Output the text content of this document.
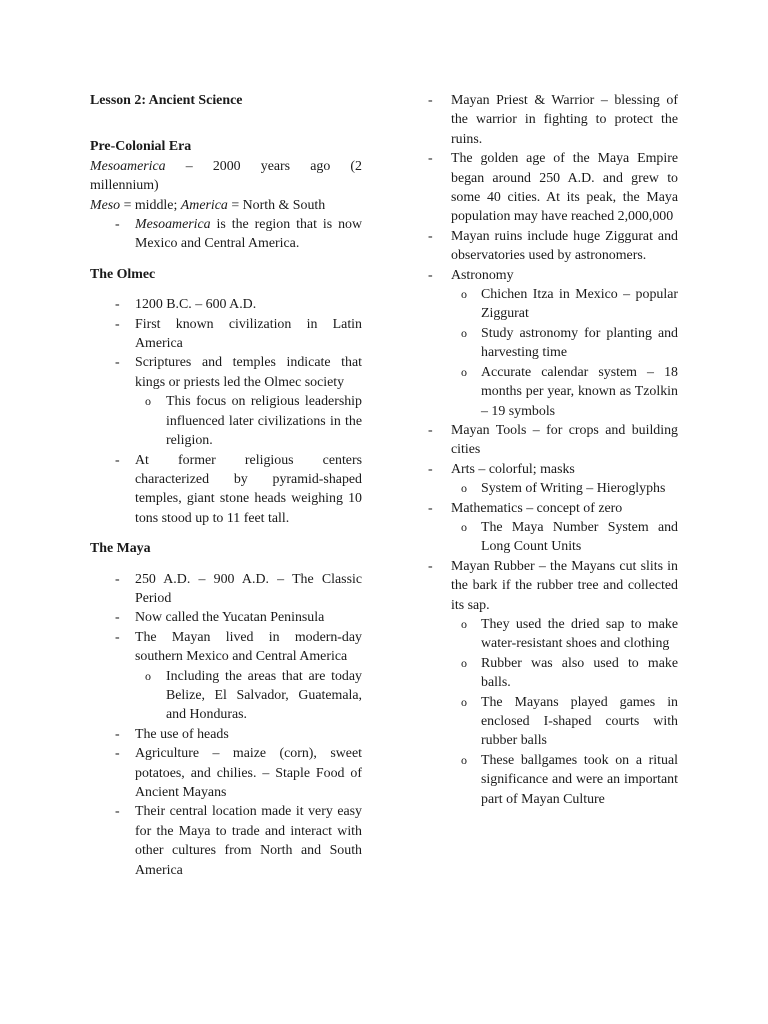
Lesson 2: Ancient Science
Pre-Colonial Era
Mesoamerica – 2000 years ago (2
millennium)
Meso = middle; America = North & South
- Mesoamerica is the region that is now Mexico and Central America.
The Olmec
- 1200 B.C. – 600 A.D.
- First known civilization in Latin America
- Scriptures and temples indicate that kings or priests led the Olmec society
o This focus on religious leadership influenced later civilizations in the religion.
- At former religious centers characterized by pyramid-shaped temples, giant stone heads weighing 10 tons stood up to 11 feet tall.
The Maya
- 250 A.D. – 900 A.D. – The Classic Period
- Now called the Yucatan Peninsula
- The Mayan lived in modern-day southern Mexico and Central America
o Including the areas that are today Belize, El Salvador, Guatemala, and Honduras.
- The use of heads
- Agriculture – maize (corn), sweet potatoes, and chilies. – Staple Food of Ancient Mayans
- Their central location made it very easy for the Maya to trade and interact with other cultures from North and South America
- Mayan Priest & Warrior – blessing of the warrior in fighting to protect the ruins.
- The golden age of the Maya Empire began around 250 A.D. and grew to some 40 cities. At its peak, the Maya population may have reached 2,000,000
- Mayan ruins include huge Ziggurat and observatories used by astronomers.
- Astronomy
o Chichen Itza in Mexico – popular Ziggurat
o Study astronomy for planting and harvesting time
o Accurate calendar system – 18 months per year, known as Tzolkin – 19 symbols
- Mayan Tools – for crops and building cities
- Arts – colorful; masks
o System of Writing – Hieroglyphs
- Mathematics – concept of zero
o The Maya Number System and Long Count Units
- Mayan Rubber – the Mayans cut slits in the bark if the rubber tree and collected its sap.
o They used the dried sap to make water-resistant shoes and clothing
o Rubber was also used to make balls.
o The Mayans played games in enclosed I-shaped courts with rubber balls
o These ballgames took on a ritual significance and were an important part of Mayan Culture
